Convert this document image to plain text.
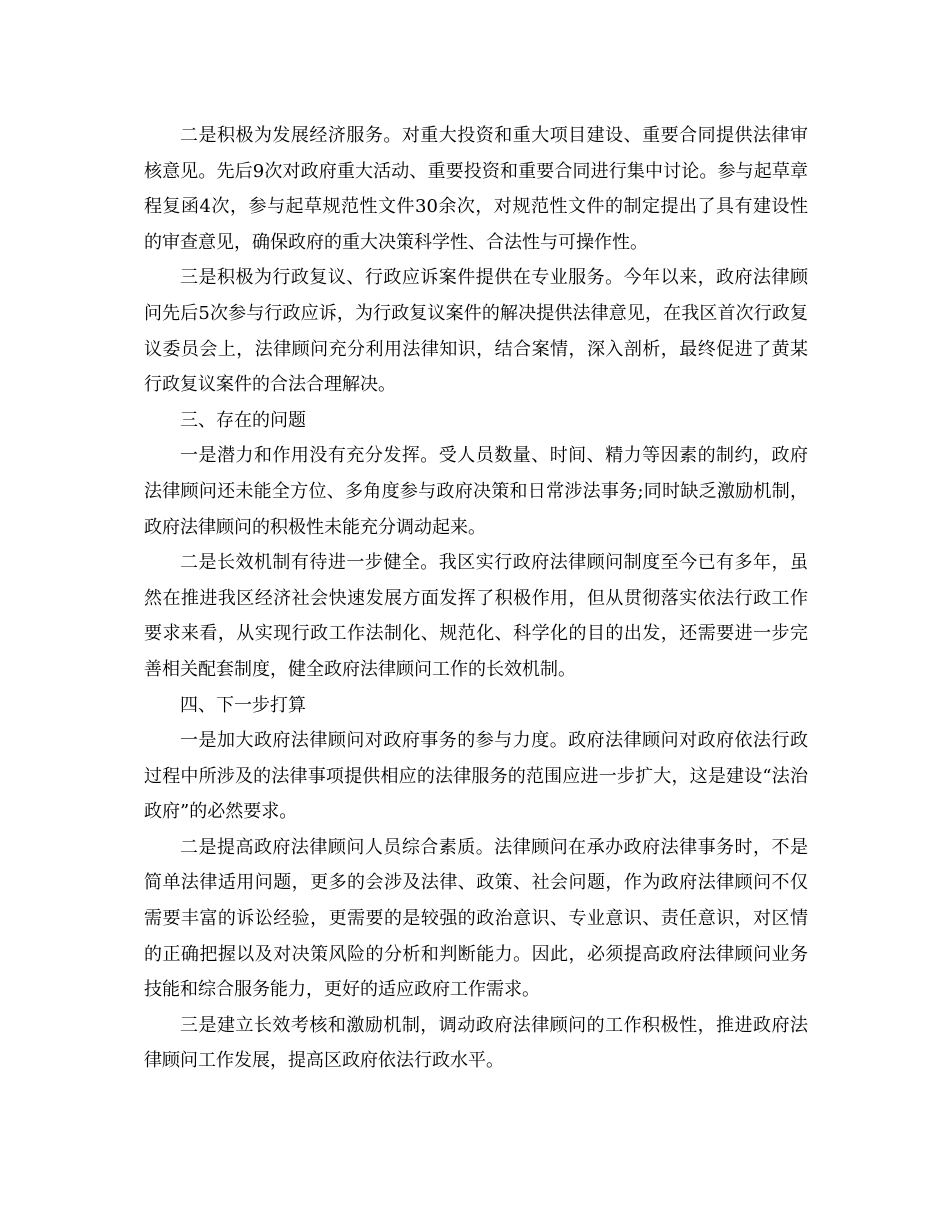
二是积极为发展经济服务。对重大投资和重大项目建设、重要合同提供法律审核意见。先后9次对政府重大活动、重要投资和重要合同进行集中讨论。参与起草章程复函4次，参与起草规范性文件30余次，对规范性文件的制定提出了具有建设性的审查意见，确保政府的重大决策科学性、合法性与可操作性。

三是积极为行政复议、行政应诉案件提供在专业服务。今年以来，政府法律顾问先后5次参与行政应诉，为行政复议案件的解决提供法律意见，在我区首次行政复议委员会上，法律顾问充分利用法律知识，结合案情，深入剖析，最终促进了黄某行政复议案件的合法合理解决。

三、存在的问题

一是潜力和作用没有充分发挥。受人员数量、时间、精力等因素的制约，政府法律顾问还未能全方位、多角度参与政府决策和日常涉法事务;同时缺乏激励机制，政府法律顾问的积极性未能充分调动起来。

二是长效机制有待进一步健全。我区实行政府法律顾问制度至今已有多年，虽然在推进我区经济社会快速发展方面发挥了积极作用，但从贯彻落实依法行政工作要求来看，从实现行政工作法制化、规范化、科学化的目的出发，还需要进一步完善相关配套制度，健全政府法律顾问工作的长效机制。

四、下一步打算

一是加大政府法律顾问对政府事务的参与力度。政府法律顾问对政府依法行政过程中所涉及的法律事项提供相应的法律服务的范围应进一步扩大，这是建设“法治政府”的必然要求。

二是提高政府法律顾问人员综合素质。法律顾问在承办政府法律事务时，不是简单法律适用问题，更多的会涉及法律、政策、社会问题，作为政府法律顾问不仅需要丰富的诉讼经验，更需要的是较强的政治意识、专业意识、责任意识，对区情的正确把握以及对决策风险的分析和判断能力。因此，必须提高政府法律顾问业务技能和综合服务能力，更好的适应政府工作需求。

三是建立长效考核和激励机制，调动政府法律顾问的工作积极性，推进政府法律顾问工作发展，提高区政府依法行政水平。
